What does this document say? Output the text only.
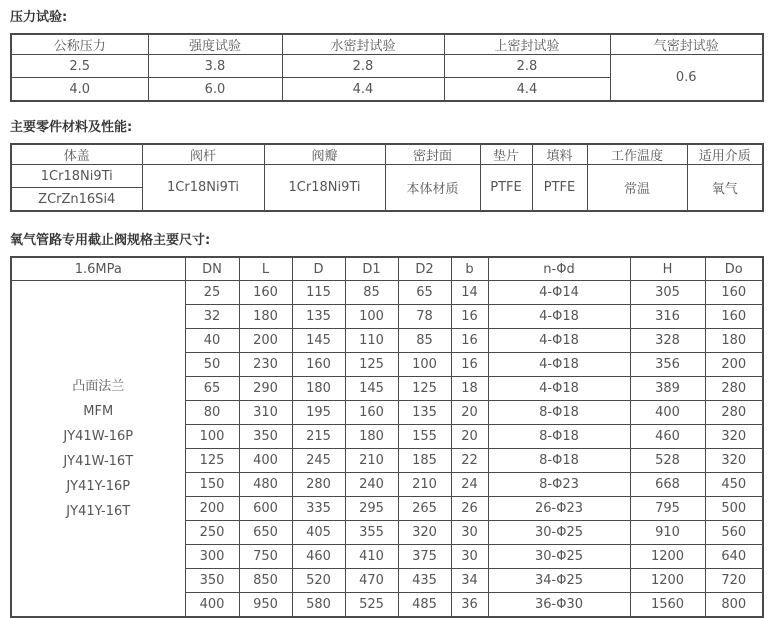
压力试验:
公称压力	强度试验	水密封试验	上密封试验	气密封试验
2.5	3.8	2.8	2.8	0.6
4.0	6.0	4.4	4.4	
主要零件材料及性能:
体盖	阀杆	阀瓣	密封面	垫片	填料	工作温度	适用介质
1Cr18Ni9Ti	1Cr18Ni9Ti	1Cr18Ni9Ti	本体材质	PTFE	PTFE	常温	氧气
ZCrZn16Si4							
氧气管路专用截止阀规格主要尺寸:
1.6MPa	DN	L	D	D1	D2	b	n-Φd	H	Do

凸面法兰
MFM
JY41W-16P
JY41W-16T
JY41Y-16P
JY41Y-16T
	25	160	115	85	65	14	4-Φ14	305	160
	32	180	135	100	78	16	4-Φ18	316	160
	40	200	145	110	85	16	4-Φ18	328	180
	50	230	160	125	100	16	4-Φ18	356	200
	65	290	180	145	125	18	4-Φ18	389	280
	80	310	195	160	135	20	8-Φ18	400	280
	100	350	215	180	155	20	8-Φ18	460	320
	125	400	245	210	185	22	8-Φ18	528	320
	150	480	280	240	210	24	8-Φ23	668	450
	200	600	335	295	265	26	26-Φ23	795	500
	250	650	405	355	320	30	30-Φ25	910	560
	300	750	460	410	375	30	30-Φ25	1200	640
	350	850	520	470	435	34	34-Φ25	1200	720
	400	950	580	525	485	36	36-Φ30	1560	800
